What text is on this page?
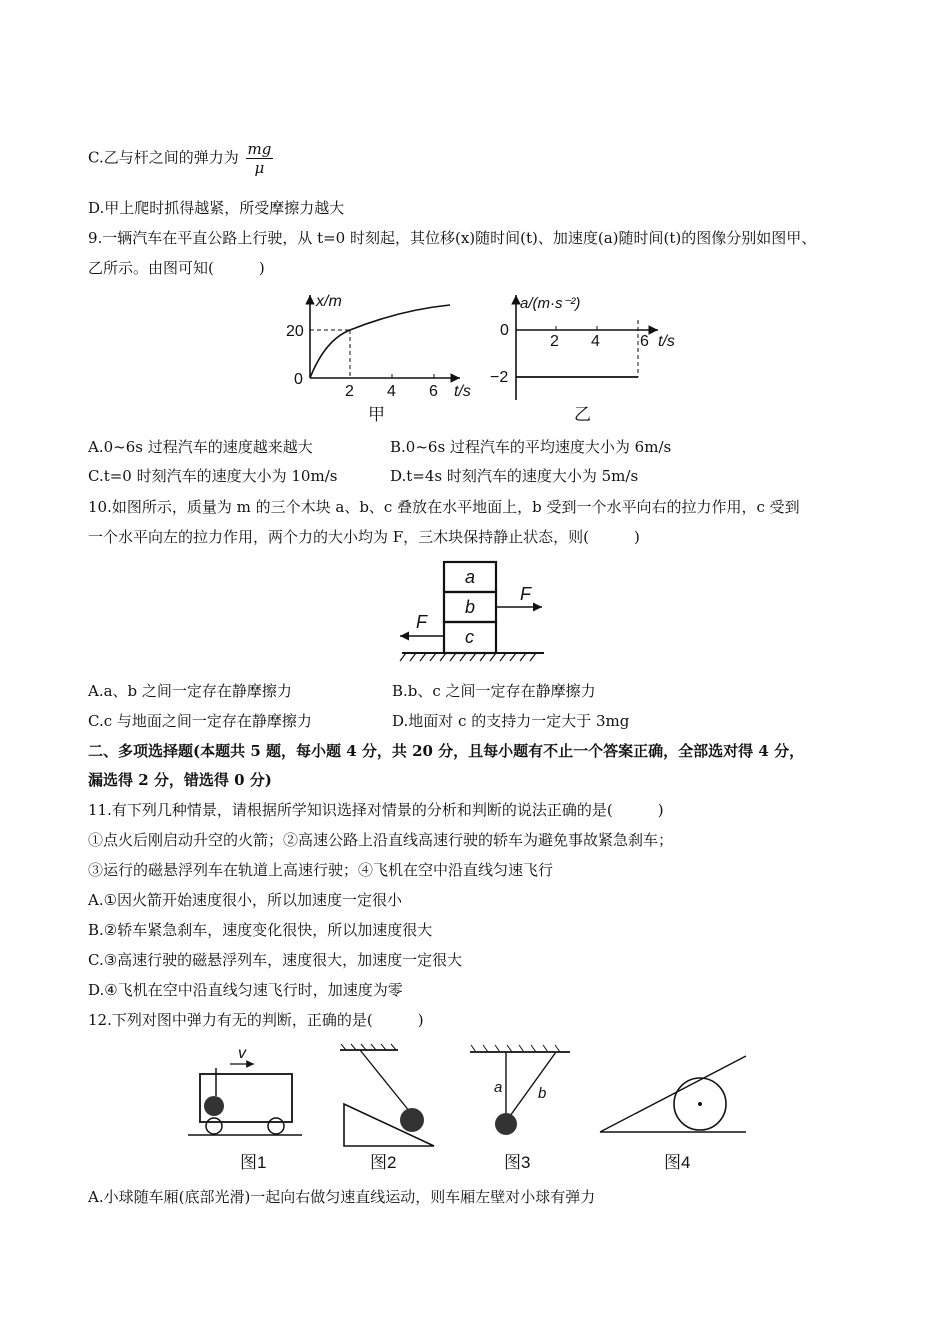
C.乙与杆之间的弹力为 $\frac{mg}{\mu}$
D.甲上爬时抓得越紧，所受摩擦力越大
9.一辆汽车在平直公路上行驶，从 t=0 时刻起，其位移(x)随时间(t)、加速度(a)随时间(t)的图像分别如图甲、
乙所示。由图可知(　　　)
x/m
20
0
2 4 6 t/s
甲
a/(m·s⁻²)
0
−2
2 4	6 t/s
乙
A.0~6s 过程汽车的速度越来越大	B.0~6s 过程汽车的平均速度大小为 6m/s
C.t=0 时刻汽车的速度大小为 10m/s	D.t=4s 时刻汽车的速度大小为 5m/s
10.如图所示，质量为 m 的三个木块 a、b、c 叠放在水平地面上，b 受到一个水平向右的拉力作用，c 受到
一个水平向左的拉力作用，两个力的大小均为 F，三木块保持静止状态，则(　　　)
a
b
c
F
F
A.a、b 之间一定存在静摩擦力	B.b、c 之间一定存在静摩擦力
C.c 与地面之间一定存在静摩擦力	D.地面对 c 的支持力一定大于 3mg
二、多项选择题(本题共 5 题，每小题 4 分，共 20 分，且每小题有不止一个答案正确，全部选对得 4 分，
漏选得 2 分，错选得 0 分)
11.有下列几种情景，请根据所学知识选择对情景的分析和判断的说法正确的是(　　　)
①点火后刚启动升空的火箭；②高速公路上沿直线高速行驶的轿车为避免事故紧急刹车；
③运行的磁悬浮列车在轨道上高速行驶；④飞机在空中沿直线匀速飞行
A.①因火箭开始速度很小，所以加速度一定很小
B.②轿车紧急刹车，速度变化很快，所以加速度很大
C.③高速行驶的磁悬浮列车，速度很大，加速度一定很大
D.④飞机在空中沿直线匀速飞行时，加速度为零
12.下列对图中弹力有无的判断，正确的是(　　　)
v
图1	图2
a b
图3	图4
A.小球随车厢(底部光滑)一起向右做匀速直线运动，则车厢左壁对小球有弹力
